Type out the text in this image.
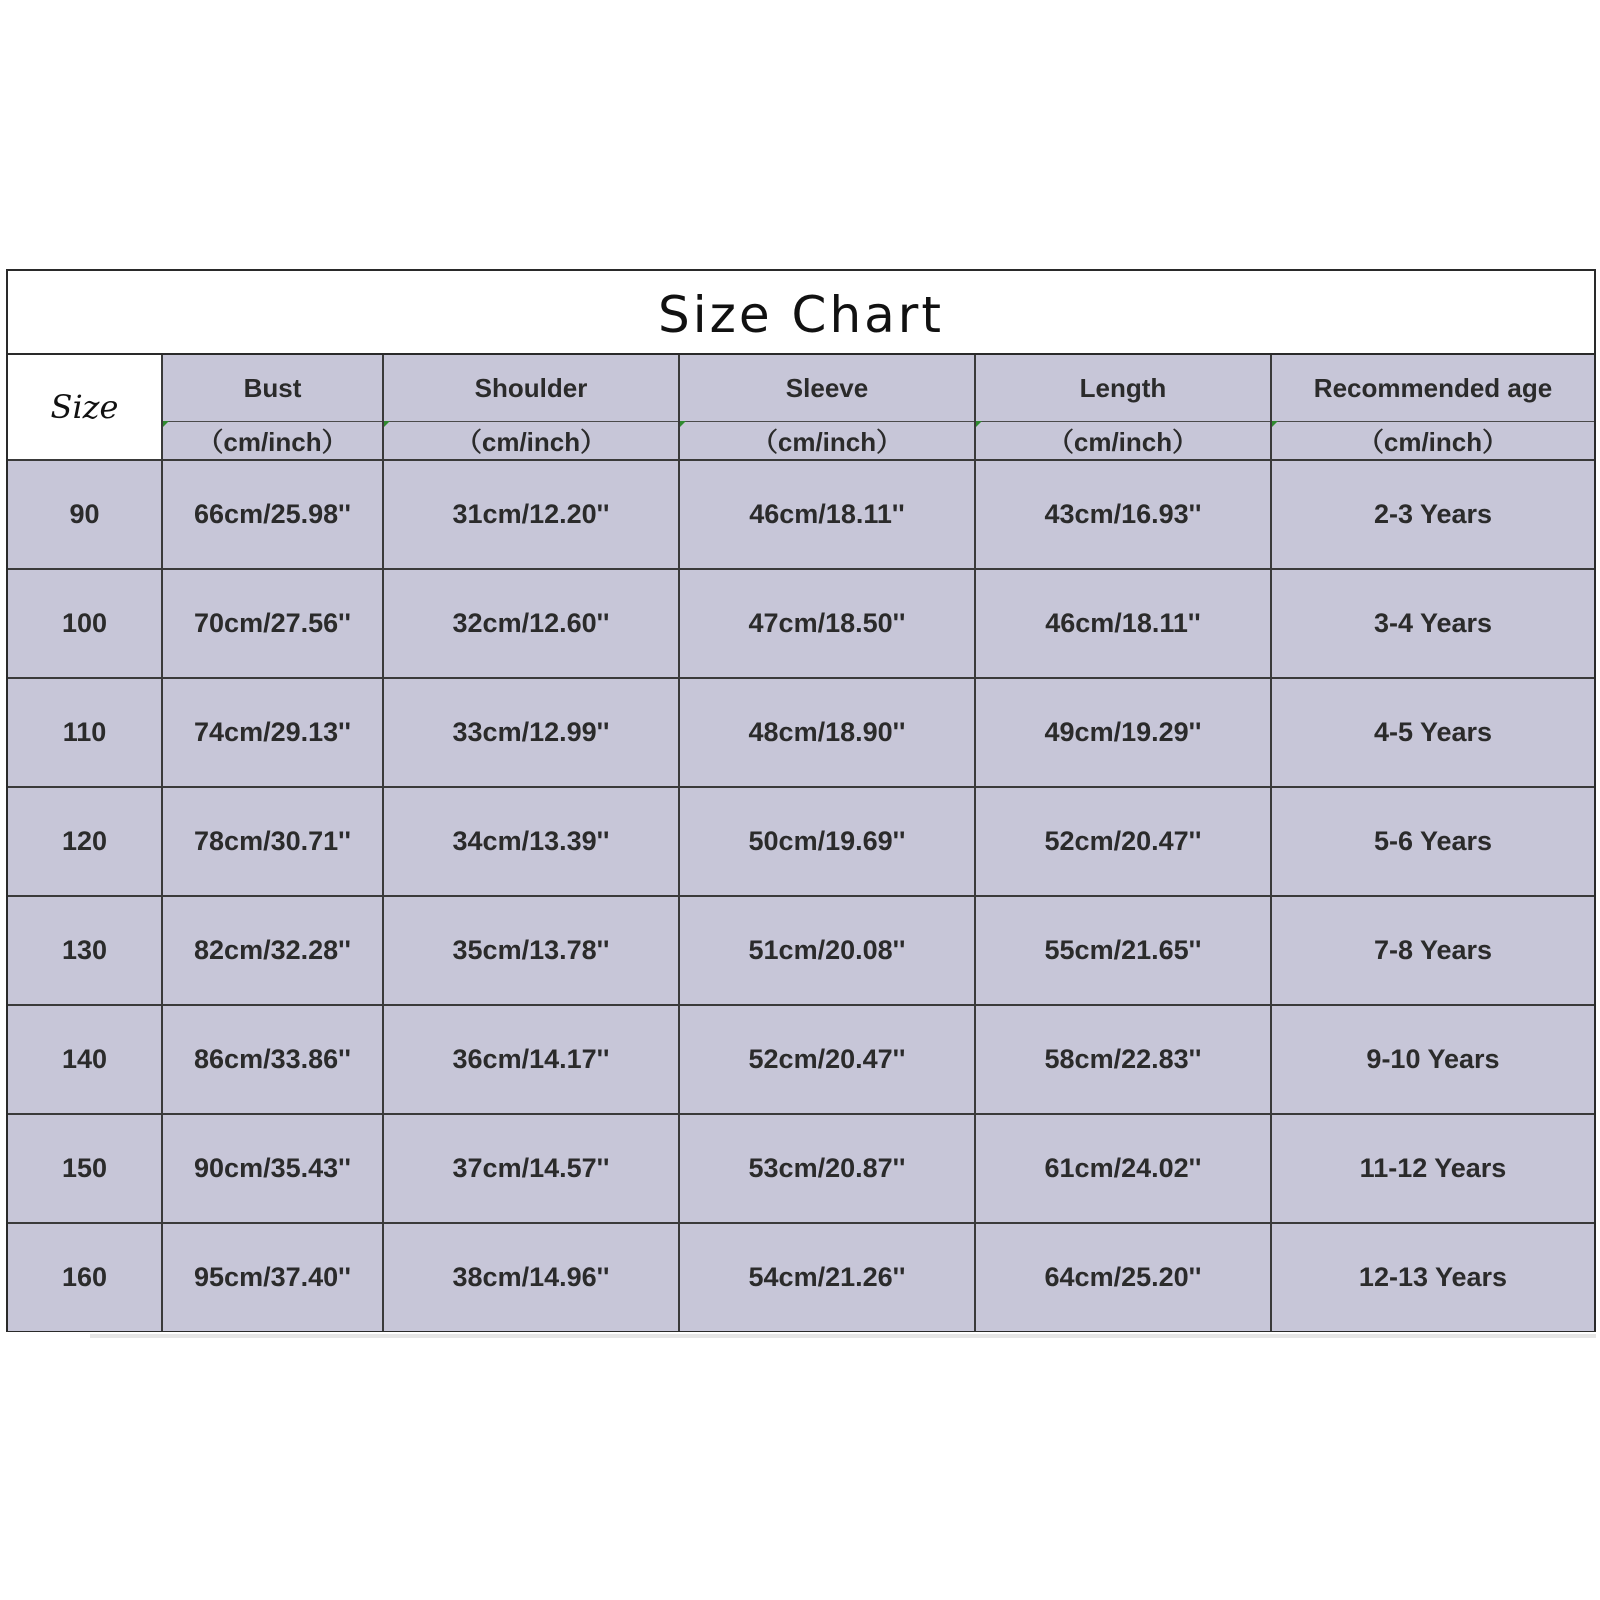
Size Chart
Size	Bust	Shoulder	Sleeve	Length	Recommended age
	（cm/inch）	（cm/inch）	（cm/inch）	（cm/inch）	（cm/inch）
90	66cm/25.98''	31cm/12.20''	46cm/18.11''	43cm/16.93''	2-3 Years
100	70cm/27.56''	32cm/12.60''	47cm/18.50''	46cm/18.11''	3-4 Years
110	74cm/29.13''	33cm/12.99''	48cm/18.90''	49cm/19.29''	4-5 Years
120	78cm/30.71''	34cm/13.39''	50cm/19.69''	52cm/20.47''	5-6 Years
130	82cm/32.28''	35cm/13.78''	51cm/20.08''	55cm/21.65''	7-8 Years
140	86cm/33.86''	36cm/14.17''	52cm/20.47''	58cm/22.83''	9-10 Years
150	90cm/35.43''	37cm/14.57''	53cm/20.87''	61cm/24.02''	11-12 Years
160	95cm/37.40''	38cm/14.96''	54cm/21.26''	64cm/25.20''	12-13 Years
